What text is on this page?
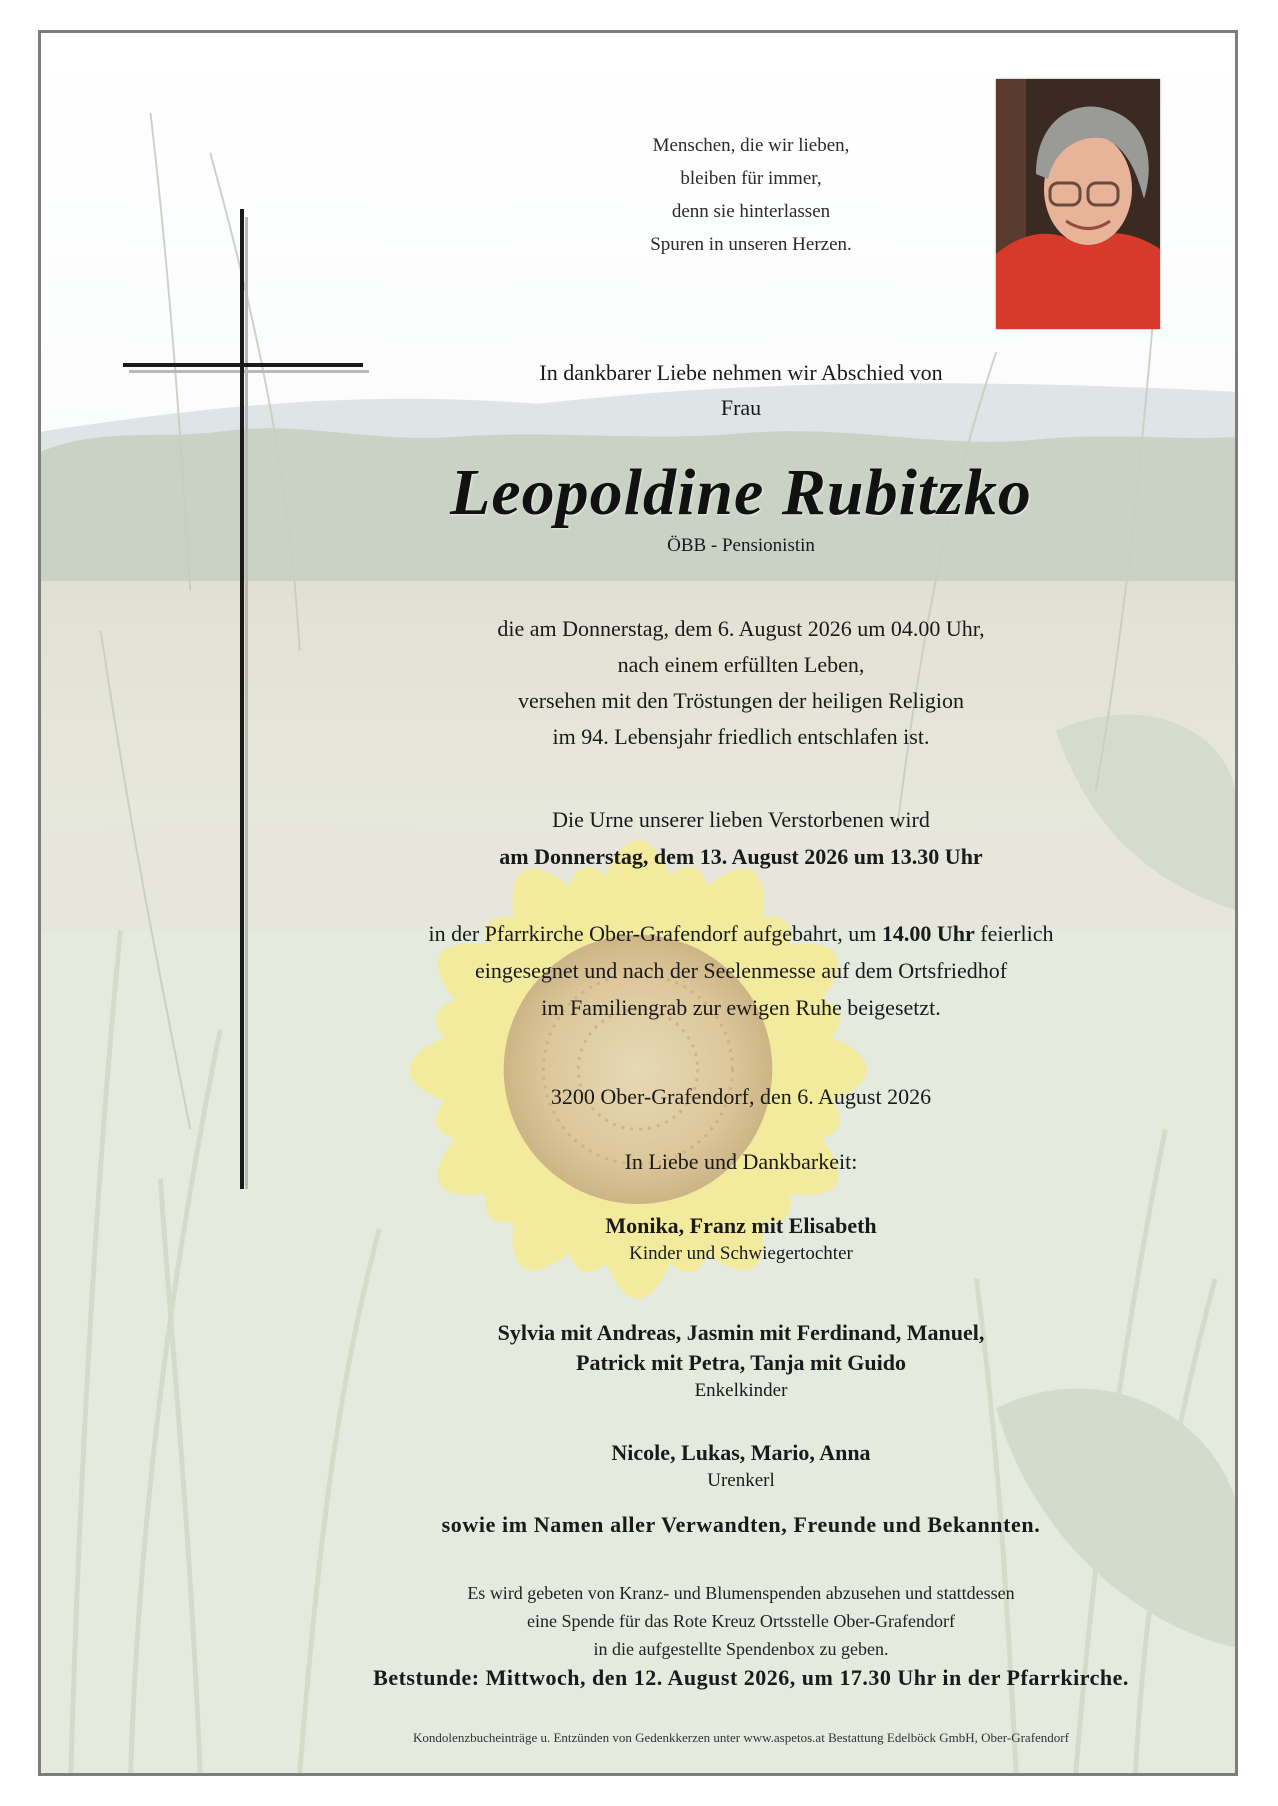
Menschen, die wir lieben,
bleiben für immer,
denn sie hinterlassen
Spuren in unseren Herzen.
In dankbarer Liebe nehmen wir Abschied von
Frau
Leopoldine Rubitzko
ÖBB - Pensionistin
die am Donnerstag, dem 6. August 2026 um 04.00 Uhr,
nach einem erfüllten Leben,
versehen mit den Tröstungen der heiligen Religion
im 94. Lebensjahr friedlich entschlafen ist.
Die Urne unserer lieben Verstorbenen wird
am Donnerstag, dem 13. August 2026 um 13.30 Uhr
in der Pfarrkirche Ober-Grafendorf aufgebahrt, um 14.00 Uhr feierlich
eingesegnet und nach der Seelenmesse auf dem Ortsfriedhof
im Familiengrab zur ewigen Ruhe beigesetzt.
3200 Ober-Grafendorf, den 6. August 2026
In Liebe und Dankbarkeit:
Monika, Franz mit Elisabeth
Kinder und Schwiegertochter
Sylvia mit Andreas, Jasmin mit Ferdinand, Manuel,
Patrick mit Petra, Tanja mit Guido
Enkelkinder
Nicole, Lukas, Mario, Anna
Urenkerl
sowie im Namen aller Verwandten, Freunde und Bekannten.
Es wird gebeten von Kranz- und Blumenspenden abzusehen und stattdessen
eine Spende für das Rote Kreuz Ortsstelle Ober-Grafendorf
in die aufgestellte Spendenbox zu geben.
Betstunde: Mittwoch, den 12. August 2026, um 17.30 Uhr in der Pfarrkirche.
Kondolenzbucheinträge u. Entzünden von Gedenkkerzen unter www.aspetos.at Bestattung Edelböck GmbH, Ober-Grafendorf
